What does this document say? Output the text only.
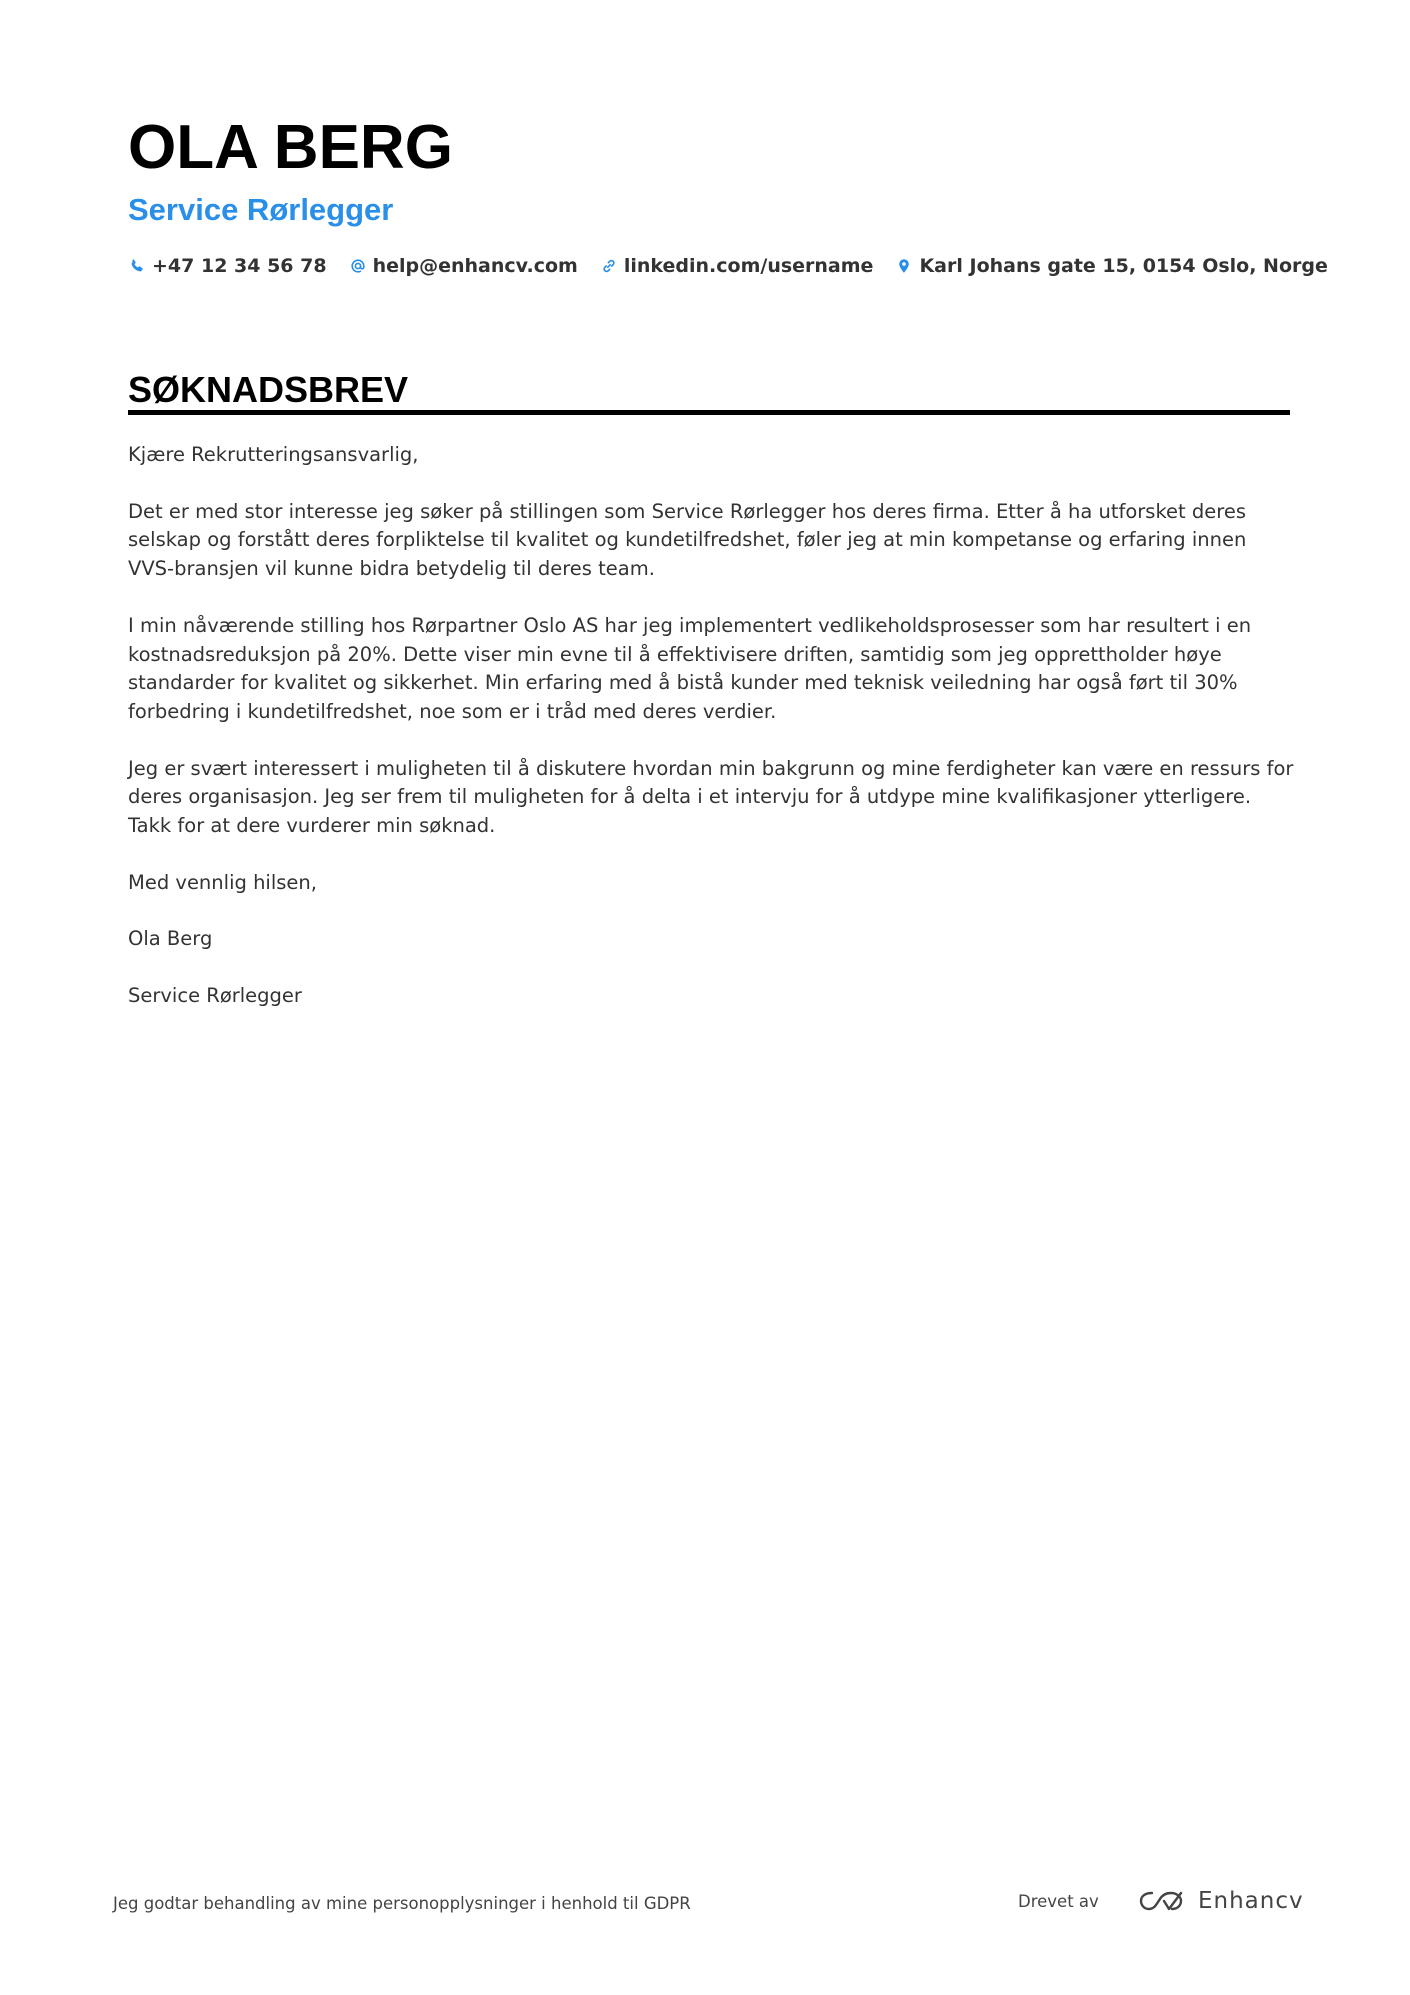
OLA BERG
Service Rørlegger
+47 12 34 56 78 help@enhancv.com linkedin.com/username Karl Johans gate 15, 0154 Oslo, Norge
SØKNADSBREV

Kjære Rekrutteringsansvarlig,

Det er med stor interesse jeg søker på stillingen som Service Rørlegger hos deres firma. Etter å ha utforsket deres selskap og forstått deres forpliktelse til kvalitet og kundetilfredshet, føler jeg at min kompetanse og erfaring innen VVS-bransjen vil kunne bidra betydelig til deres team.

I min nåværende stilling hos Rørpartner Oslo AS har jeg implementert vedlikeholdsprosesser som har resultert i en kostnadsreduksjon på 20%. Dette viser min evne til å effektivisere driften, samtidig som jeg opprettholder høye standarder for kvalitet og sikkerhet. Min erfaring med å bistå kunder med teknisk veiledning har også ført til 30% forbedring i kundetilfredshet, noe som er i tråd med deres verdier.

Jeg er svært interessert i muligheten til å diskutere hvordan min bakgrunn og mine ferdigheter kan være en ressurs for deres organisasjon. Jeg ser frem til muligheten for å delta i et intervju for å utdype mine kvalifikasjoner ytterligere. Takk for at dere vurderer min søknad.

Med vennlig hilsen,

Ola Berg

Service Rørlegger

Jeg godtar behandling av mine personopplysninger i henhold til GDPR	Drevet av	Enhancv
